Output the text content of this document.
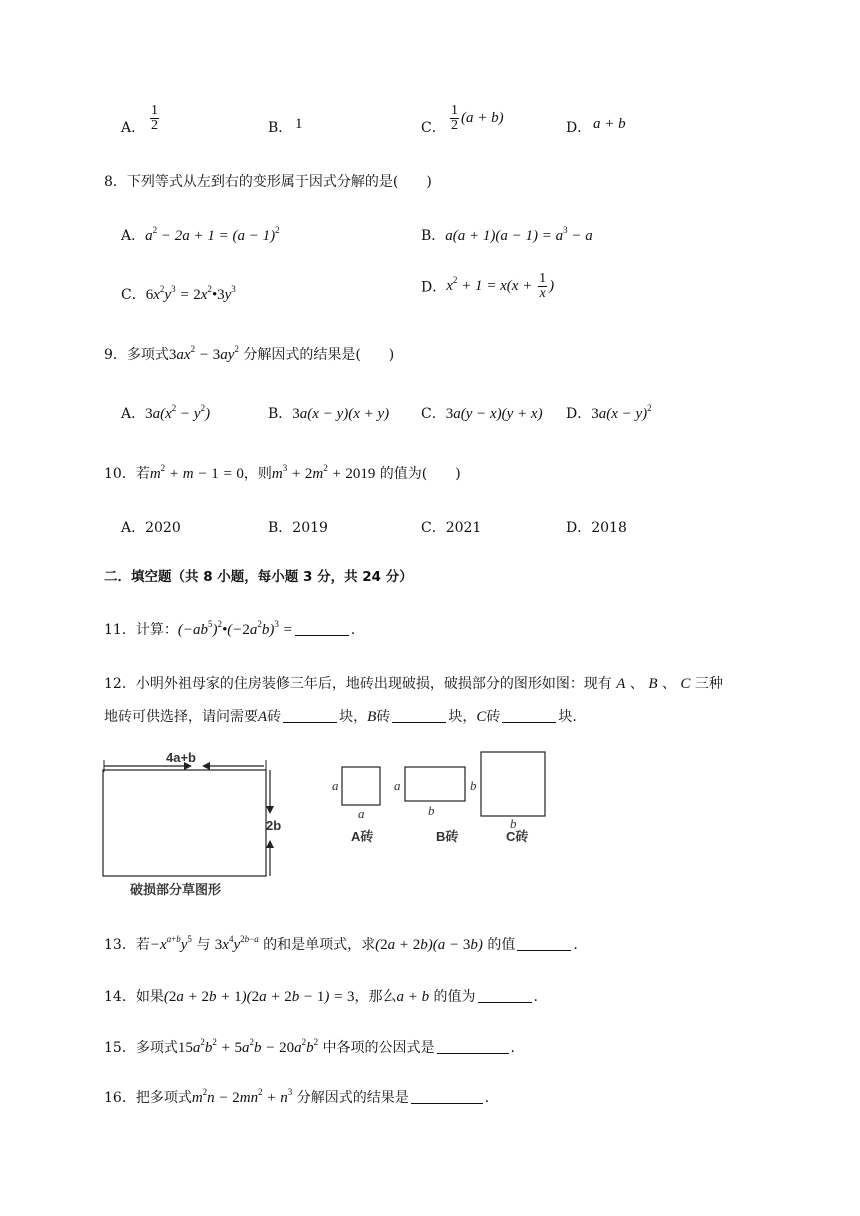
A． $\frac{1}{2}$	B． 1	C． $\frac{1}{2} (a + b)$
D． a + b
8．下列等式从左到右的变形属于因式分解的是(　　)
A．$a^2 - 2a + 1 = (a - 1)^2$	B．$a(a + 1)(a - 1) = a^3 - a$
C．$6x^2y^3$ = $2x^2•3y^3$	D．$x^2 + 1 = x(x + \frac{1}{x}$ )
9．多项式$3ax^2 - 3ay^2$ 分解因式的结果是(　　)
A．$3a(x^2 - y^2)$	B．3a(x − y)(x + y) C．3a(y − x)(y + x) D．$3a(x - y)^2$
10．若$m^2 + m - 1 = 0$，则$m^3 + 2m^2 + 2019$ 的值为(　　)
A．2020	B．2019	C．2021	D．2018
二．填空题（共 8 小题，每小题 3 分，共 24 分）
11．计算：$(-ab^5)^2•(-2a^2b)^3$ =	.
12．小明外祖母家的住房装修三年后，地砖出现破损，破损部分的图形如图：现有 A 、 B 、 C 三种
地砖可供选择，请问需要A砖	块，B砖	块，C砖	块.
4a+b
2b
破损部分草图形
a
a
A砖
a
b
B砖
b
b
C砖
13．若$-x^{a+b}y^5$ 与 $3x^4y^{2b-a}$ 的和是单项式，求(2a + 2b)(a − 3b) 的值	.
14．如果(2a + 2b + 1)(2a + 2b − 1) = 3，那么a + b 的值为	.
15．多项式$15a^2b^2 + 5a^2b - 20a^2b^2$ 中各项的公因式是	.
16．把多项式$m^2n - 2mn^2 + n^3$ 分解因式的结果是	.
